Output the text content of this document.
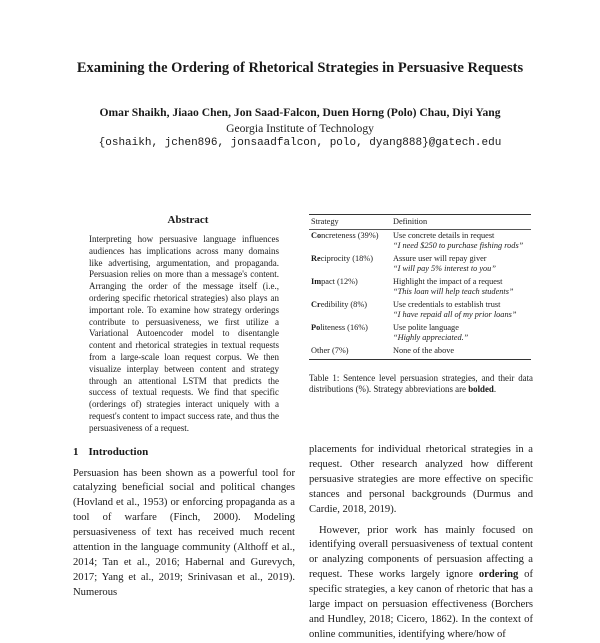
Examining the Ordering of Rhetorical Strategies in Persuasive Requests
Omar Shaikh, Jiaao Chen, Jon Saad-Falcon, Duen Horng (Polo) Chau, Diyi Yang
Georgia Institute of Technology
{oshaikh, jchen896, jonsaadfalcon, polo, dyang888}@gatech.edu
Abstract
Interpreting how persuasive language influences audiences has implications across many domains like advertising, argumentation, and propaganda. Persuasion relies on more than a message's content. Arranging the order of the message itself (i.e., ordering specific rhetorical strategies) also plays an important role. To examine how strategy orderings contribute to persuasiveness, we first utilize a Variational Autoencoder model to disentangle content and rhetorical strategies in textual requests from a large-scale loan request corpus. We then visualize interplay between content and strategy through an attentional LSTM that predicts the success of textual requests. We find that specific (orderings of) strategies interact uniquely with a request's content to impact success rate, and thus the persuasiveness of a request.
1 Introduction
Persuasion has been shown as a powerful tool for catalyzing beneficial social and political changes (Hovland et al., 1953) or enforcing propaganda as a tool of warfare (Finch, 2000). Modeling persuasiveness of text has received much recent attention in the language community (Althoff et al., 2014; Tan et al., 2016; Habernal and Gurevych, 2017; Yang et al., 2019; Srinivasan et al., 2019). Numerous
Strategy	Definition
Concreteness (39%)	Use concrete details in request
“I need $250 to purchase fishing rods”

Reciprocity (18%)	Assure user will repay giver
“I will pay 5% interest to you”

Impact (12%)	Highlight the impact of a request
“This loan will help teach students”

Credibility (8%)	Use credentials to establish trust
“I have repaid all of my prior loans”

Politeness (16%)	Use polite language
“Highly appreciated.”

Other (7%)	None of the above
Table 1: Sentence level persuasion strategies, and their data distributions (%). Strategy abbreviations are bolded.
placements for individual rhetorical strategies in a request. Other research analyzed how different persuasive strategies are more effective on specific stances and personal backgrounds (Durmus and Cardie, 2018, 2019).
However, prior work has mainly focused on identifying overall persuasiveness of textual content or analyzing components of persuasion affecting a request. These works largely ignore ordering of specific strategies, a key canon of rhetoric that has a large impact on persuasion effectiveness (Borchers and Hundley, 2018; Cicero, 1862). In the context of online communities, identifying where/how of
